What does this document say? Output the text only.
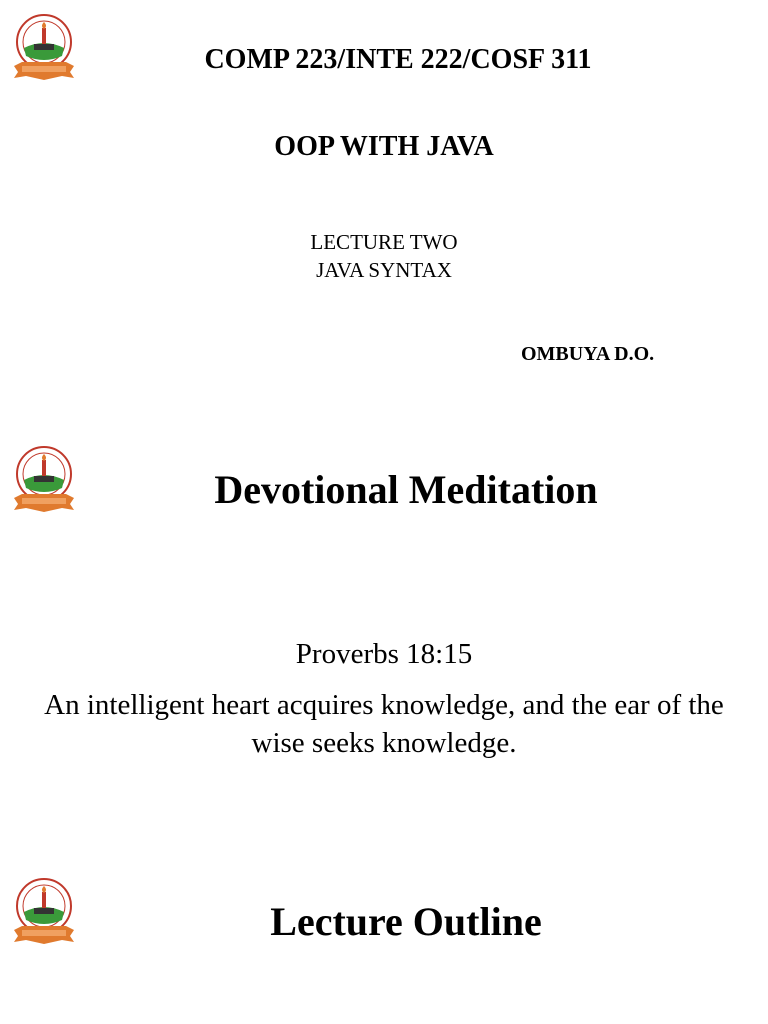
COMP 223/INTE 222/COSF 311
OOP WITH JAVA
LECTURE TWO
JAVA SYNTAX
OMBUYA D.O.
Devotional Meditation
Proverbs 18:15
An intelligent heart acquires knowledge, and the ear of the wise seeks knowledge.
Lecture Outline
